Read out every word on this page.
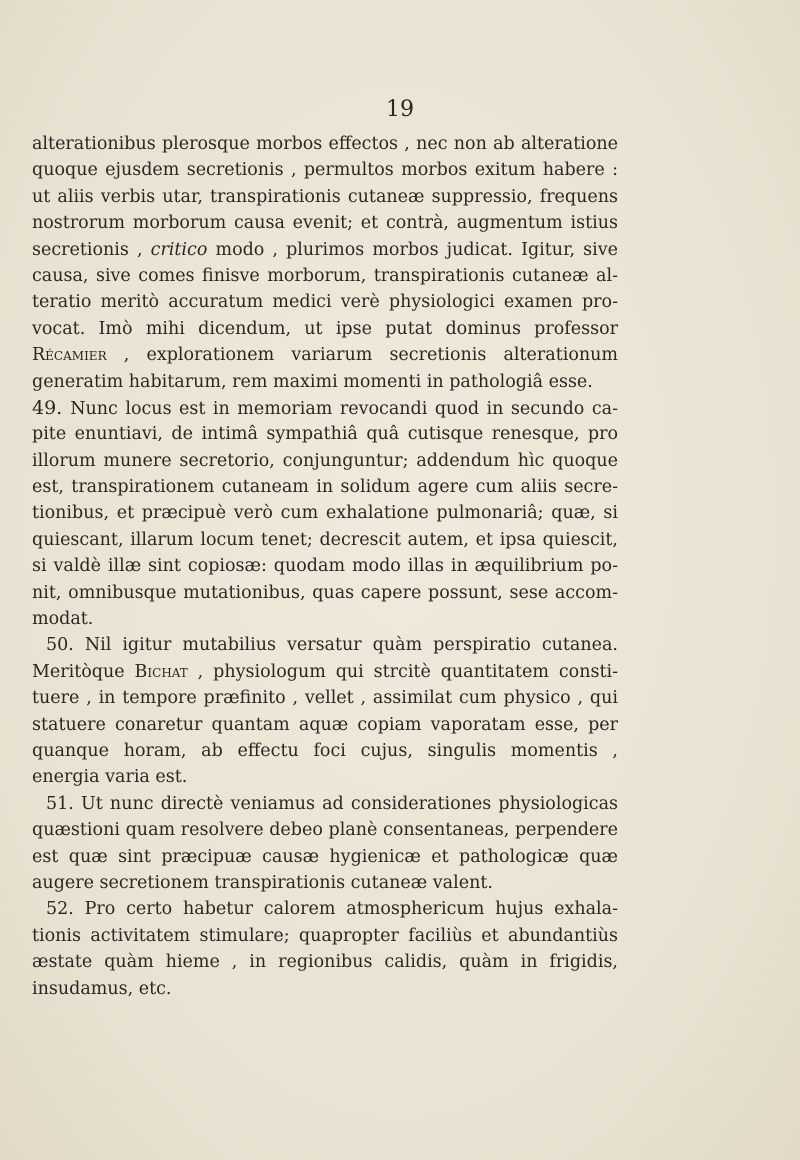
19
alterationibus plerosque morbos effectos , nec non ab alteratione
quoque ejusdem secretionis , permultos morbos exitum habere :
ut aliis verbis utar, transpirationis cutaneæ suppressio, frequens
nostrorum morborum causa evenit; et contrà, augmentum istius
secretionis , critico modo , plurimos morbos judicat. Igitur, sive
causa, sive comes finisve morborum, transpirationis cutaneæ al-
teratio meritò accuratum medici verè physiologici examen pro-
vocat. Imò mihi dicendum, ut ipse putat dominus professor
Récamier , explorationem variarum secretionis alterationum
generatim habitarum, rem maximi momenti in pathologiâ esse.
49. Nunc locus est in memoriam revocandi quod in secundo ca-
pite enuntiavi, de intimâ sympathiâ quâ cutisque renesque, pro
illorum munere secretorio, conjunguntur; addendum hìc quoque
est, transpirationem cutaneam in solidum agere cum aliis secre-
tionibus, et præcipuè verò cum exhalatione pulmonariâ; quæ, si
quiescant, illarum locum tenet; decrescit autem, et ipsa quiescit,
si valdè illæ sint copiosæ: quodam modo illas in æquilibrium po-
nit, omnibusque mutationibus, quas capere possunt, sese accom-
modat.
50. Nil igitur mutabilius versatur quàm perspiratio cutanea.
Meritòque Bichat , physiologum qui strcitè quantitatem consti-
tuere , in tempore præfinito , vellet , assimilat cum physico , qui
statuere conaretur quantam aquæ copiam vaporatam esse, per
quanque horam, ab effectu foci cujus, singulis momentis ,
energia varia est.
51. Ut nunc directè veniamus ad considerationes physiologicas
quæstioni quam resolvere debeo planè consentaneas, perpendere
est quæ sint præcipuæ causæ hygienicæ et pathologicæ quæ
augere secretionem transpirationis cutaneæ valent.
52. Pro certo habetur calorem atmosphericum hujus exhala-
tionis activitatem stimulare; quapropter faciliùs et abundantiùs
æstate quàm hieme , in regionibus calidis, quàm in frigidis,
insudamus, etc.
